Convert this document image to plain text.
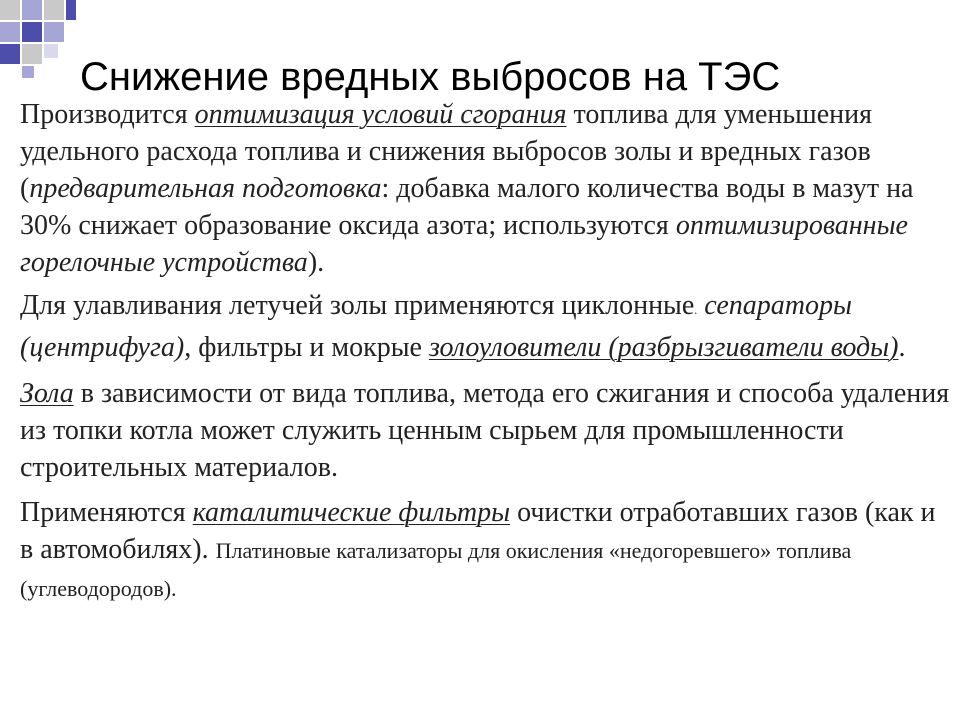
Снижение вредных выбросов на ТЭС

Производится оптимизация условий сгорания топлива для уменьшения удельного расхода топлива и снижения выбросов золы и вредных газов (предварительная подготовка: добавка малого количества воды в мазут на 30% снижает образование оксида азота; используются оптимизированные горелочные устройства).

Для улавливания летучей золы применяются циклонные. сепараторы (центрифуга), фильтры и мокрые золоуловители (разбрызгиватели воды).

Зола в зависимости от вида топлива, метода его сжигания и способа удаления из топки котла может служить ценным сырьем для промышленности строительных материалов.

Применяются каталитические фильтры очистки отработавших газов (как и в автомобилях). Платиновые катализаторы для окисления «недогоревшего» топлива (углеводородов).
